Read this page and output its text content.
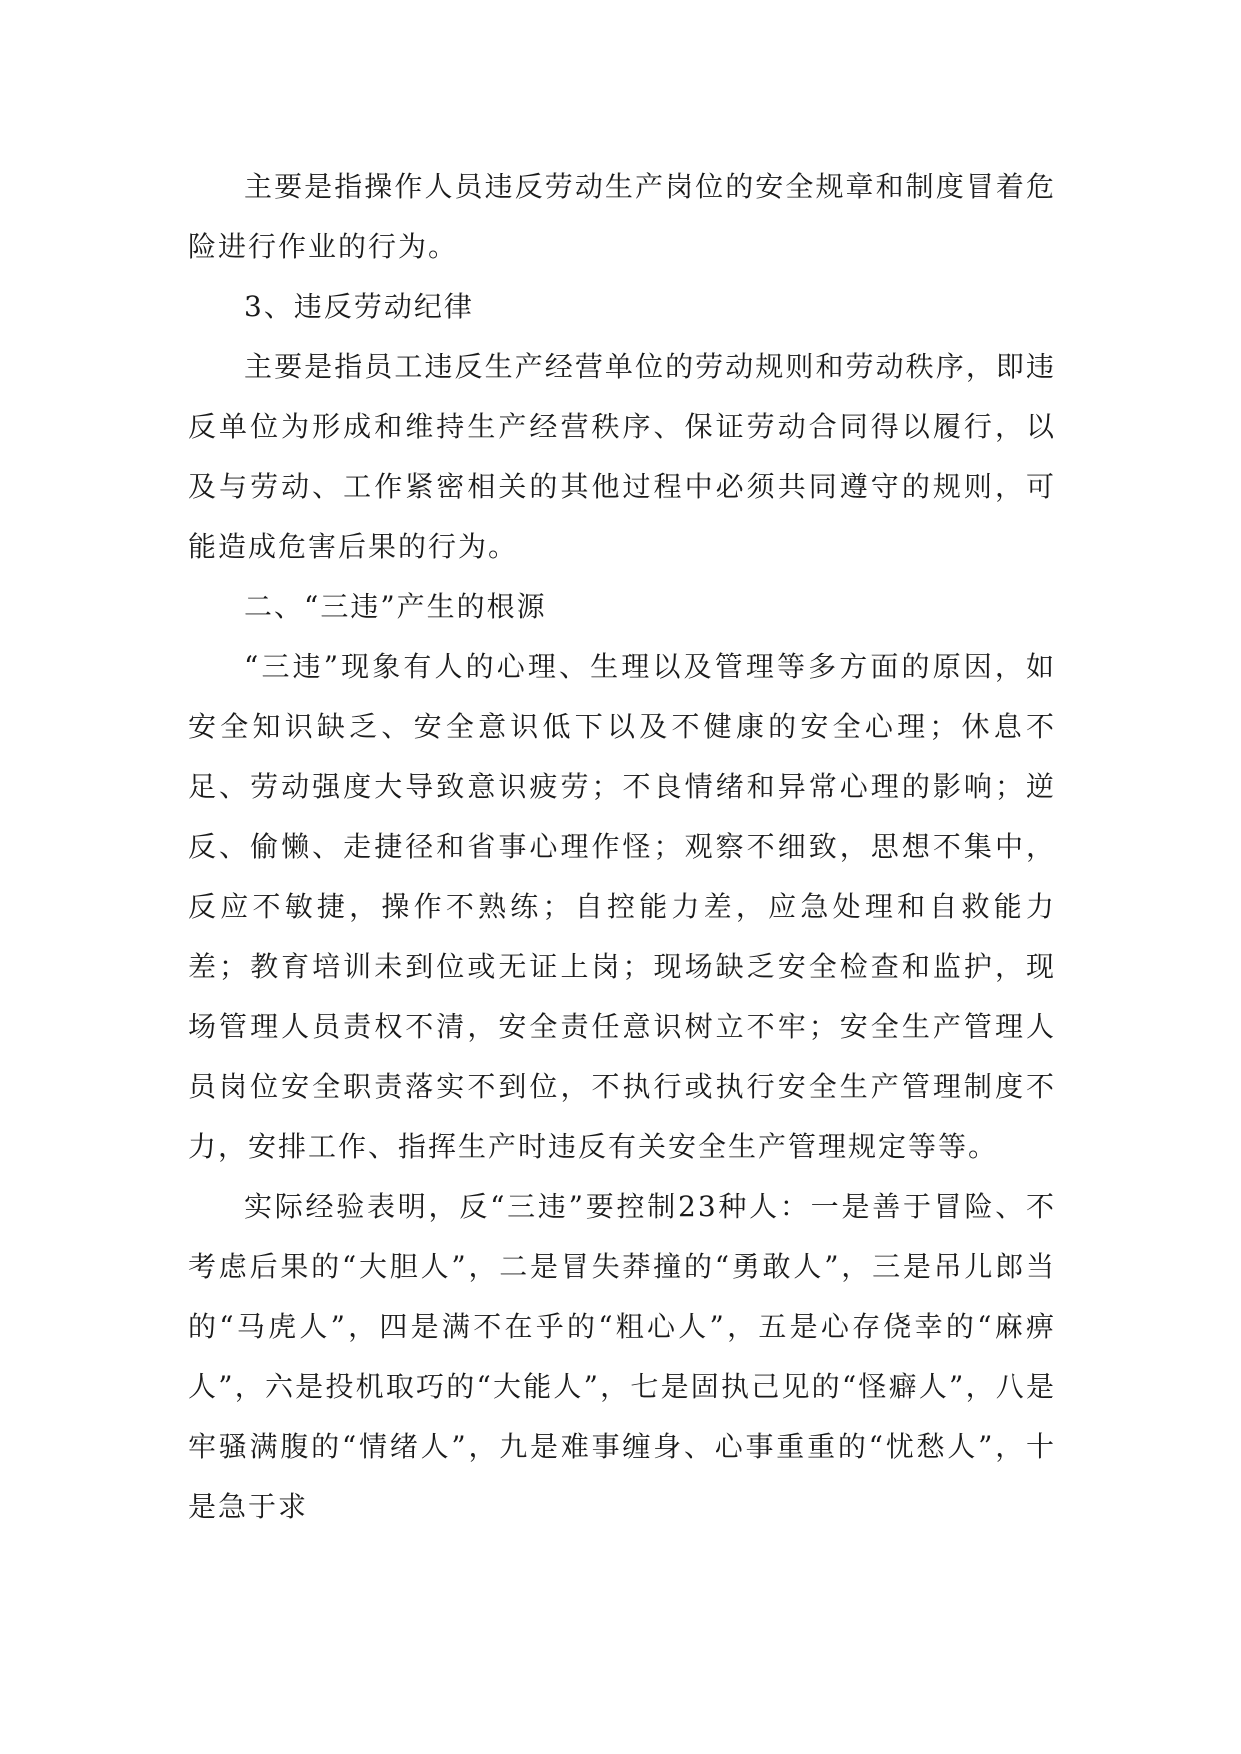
主要是指操作人员违反劳动生产岗位的安全规章和制度冒着危险进行作业的行为。

3、违反劳动纪律

主要是指员工违反生产经营单位的劳动规则和劳动秩序，即违反单位为形成和维持生产经营秩序、保证劳动合同得以履行，以及与劳动、工作紧密相关的其他过程中必须共同遵守的规则，可能造成危害后果的行为。

二、“三违”产生的根源

“三违”现象有人的心理、生理以及管理等多方面的原因，如安全知识缺乏、安全意识低下以及不健康的安全心理；休息不足、劳动强度大导致意识疲劳；不良情绪和异常心理的影响；逆反、偷懒、走捷径和省事心理作怪；观察不细致，思想不集中，反应不敏捷，操作不熟练；自控能力差，应急处理和自救能力差；教育培训未到位或无证上岗；现场缺乏安全检查和监护，现场管理人员责权不清，安全责任意识树立不牢；安全生产管理人员岗位安全职责落实不到位，不执行或执行安全生产管理制度不力，安排工作、指挥生产时违反有关安全生产管理规定等等。

实际经验表明，反“三违”要控制23种人：一是善于冒险、不考虑后果的“大胆人”，二是冒失莽撞的“勇敢人”，三是吊儿郎当的“马虎人”，四是满不在乎的“粗心人”，五是心存侥幸的“麻痹人”，六是投机取巧的“大能人”，七是固执己见的“怪癖人”，八是牢骚满腹的“情绪人”，九是难事缠身、心事重重的“忧愁人”，十是急于求
